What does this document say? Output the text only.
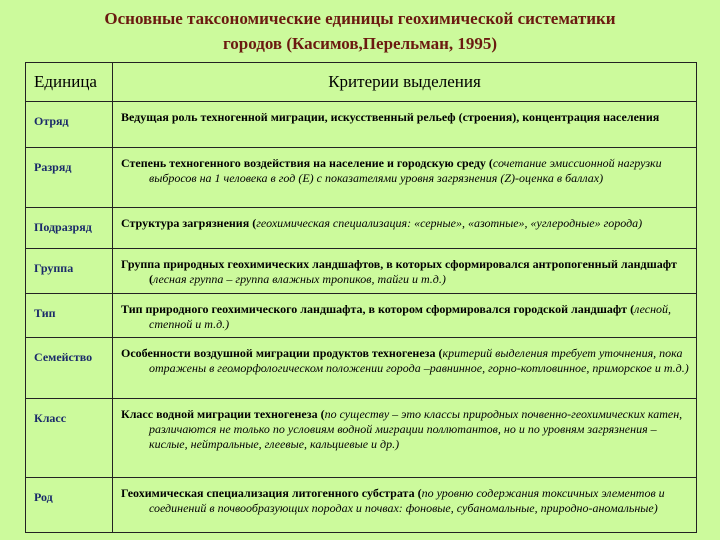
Основные таксономические единицы геохимической систематики
городов (Касимов,Перельман, 1995)
Единица	Критерии выделения
Отряд	Ведущая роль техногенной миграции, искусственный рельеф (строения), концентрация населения

Разряд	Степень техногенного воздействия на население и городскую среду (сочетание эмиссионной нагрузки выбросов на 1 человека в год (E) с показателями уровня загрязнения (Z)-оценка в баллах)

Подразряд	Структура загрязнения (геохимическая специализация: «серные», «азотные», «углеродные» города)

Группа	Группа природных геохимических ландшафтов, в которых сформировался антропогенный ландшафт (лесная группа – группа влажных тропиков, тайги и т.д.)

Тип	Тип природного геохимического ландшафта, в котором сформировался городской ландшафт (лесной, степной и т.д.)

Семейство	Особенности воздушной миграции продуктов техногенеза (критерий выделения требует уточнения, пока отражены в геоморфологическом положении города –равнинное, горно-котловинное, приморское и т.д.)

Класс	Класс водной миграции техногенеза (по существу – это классы природных почвенно-геохимических катен, различаются не только по условиям водной миграции поллютантов, но и по уровням загрязнения – кислые, нейтральные, глеевые, кальциевые и др.)

Род	Геохимическая специализация литогенного субстрата (по уровню содержания токсичных элементов и соединений в почвообразующих породах и почвах: фоновые, субаномальные, природно-аномальные)
